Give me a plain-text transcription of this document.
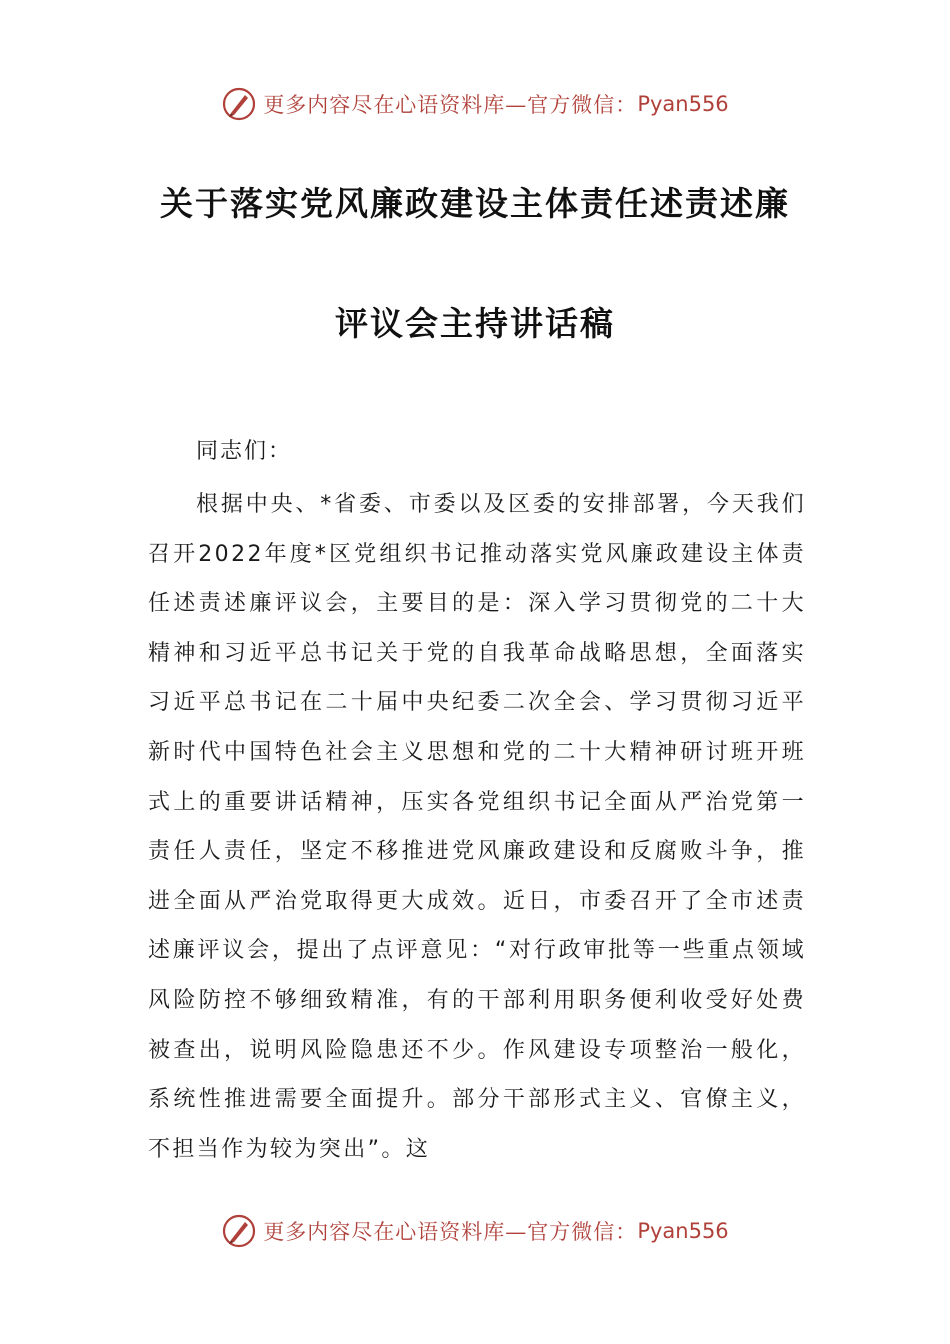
更多内容尽在心语资料库—官方微信： Pyan556
关于落实党风廉政建设主体责任述责述廉
评议会主持讲话稿
同志们：

根据中央、*省委、市委以及区委的安排部署，今天我们召开2022年度*区党组织书记推动落实党风廉政建设主体责任述责述廉评议会，主要目的是：深入学习贯彻党的二十大精神和习近平总书记关于党的自我革命战略思想，全面落实习近平总书记在二十届中央纪委二次全会、学习贯彻习近平新时代中国特色社会主义思想和党的二十大精神研讨班开班式上的重要讲话精神，压实各党组织书记全面从严治党第一责任人责任，坚定不移推进党风廉政建设和反腐败斗争，推进全面从严治党取得更大成效。近日，市委召开了全市述责述廉评议会，提出了点评意见：“对行政审批等一些重点领域风险防控不够细致精准，有的干部利用职务便利收受好处费被查出，说明风险隐患还不少。作风建设专项整治一般化，系统性推进需要全面提升。部分干部形式主义、官僚主义，不担当作为较为突出”。这

更多内容尽在心语资料库—官方微信： Pyan556
